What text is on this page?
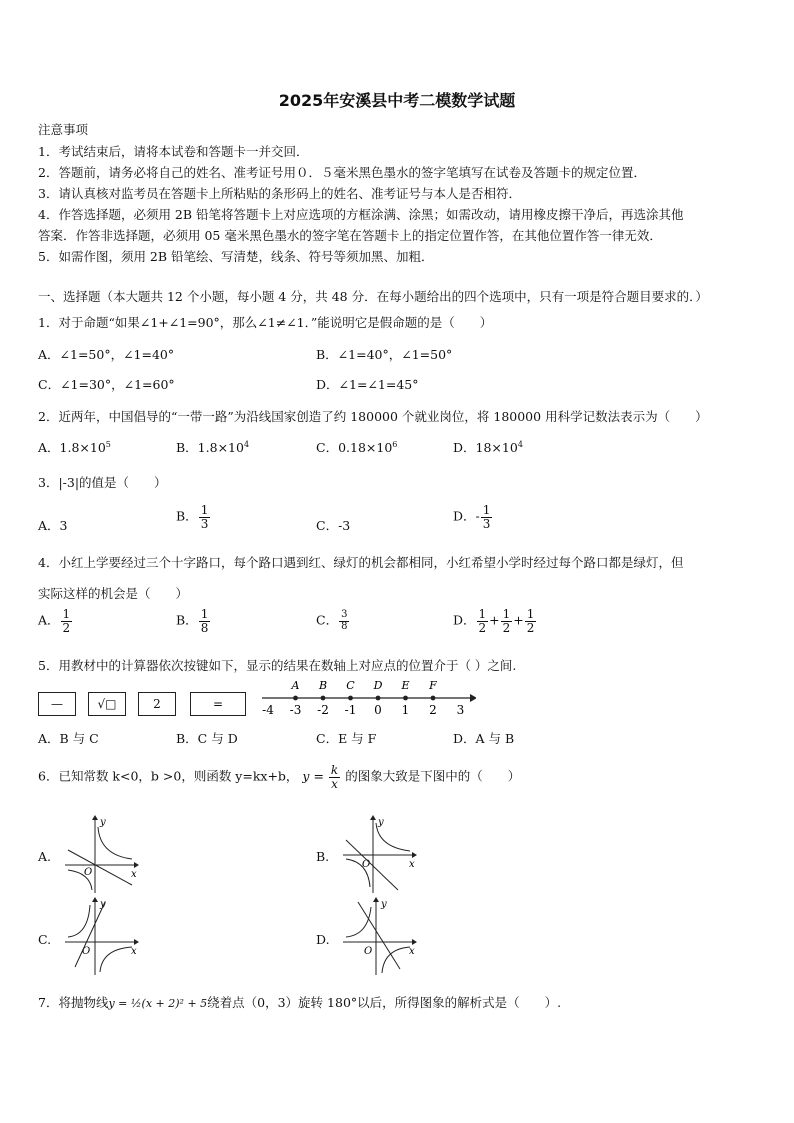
2025年安溪县中考二模数学试题
注意事项
1．考试结束后，请将本试卷和答题卡一并交回．
2．答题前，请务必将自己的姓名、准考证号用０．５毫米黑色墨水的签字笔填写在试卷及答题卡的规定位置．
3．请认真核对监考员在答题卡上所粘贴的条形码上的姓名、准考证号与本人是否相符．
4．作答选择题，必须用 2B 铅笔将答题卡上对应选项的方框涂满、涂黑；如需改动，请用橡皮擦干净后，再选涂其他
答案．作答非选择题，必须用 05 毫米黑色墨水的签字笔在答题卡上的指定位置作答，在其他位置作答一律无效．
5．如需作图，须用 2B 铅笔绘、写清楚，线条、符号等须加黑、加粗．
一、选择题（本大题共 12 个小题，每小题 4 分，共 48 分．在每小题给出的四个选项中，只有一项是符合题目要求的．）
1．对于命题“如果∠1+∠1=90°，那么∠1≠∠1．”能说明它是假命题的是（　　）
A．∠1=50°，∠1=40°	B．∠1=40°，∠1=50°
C．∠1=30°，∠1=60°	D．∠1=∠1=45°
2．近两年，中国倡导的“一带一路”为沿线国家创造了约 180000 个就业岗位，将 180000 用科学记数法表示为（　　）
A．$1.8\times 10^5$	B．$1.8\times 10^4$	C．$0.18\times 10^6$	D．$18\times 10^4$
3．|-3|的值是（　　）
A．3
B． $\frac{1}{3}$	C．-3
D．- $\frac{1}{3}$
4．小红上学要经过三个十字路口，每个路口遇到红、绿灯的机会都相同，小红希望小学时经过每个路口都是绿灯，但
实际这样的机会是（　　）
A． $\frac{1}{2}$	B． $\frac{1}{8}$	C． $\frac{3}{8}$	D． $\frac{1}{2} + \frac{1}{2} + \frac{1}{2}$
5．用教材中的计算器依次按键如下，显示的结果在数轴上对应点的位置介于（ ）之间.
—	√□	2	=	-4 -3 -2 -1 0 1 2 3
A B C D E F
A．B 与 C	B．C 与 D	C．E 与 F	D．A 与 B
6．已知常数 k<0，b >0，则函数 y=kx+b， $y = \frac{k}{x}$ 的图象大致是下图中的（　　）
A.
y
x
O
B.
y
x
O
C.
y
x
O
D.
y
x
O
7．将抛物线y = ½(x + 2)² + 5绕着点（0，3）旋转 180°以后，所得图象的解析式是（　　）.
